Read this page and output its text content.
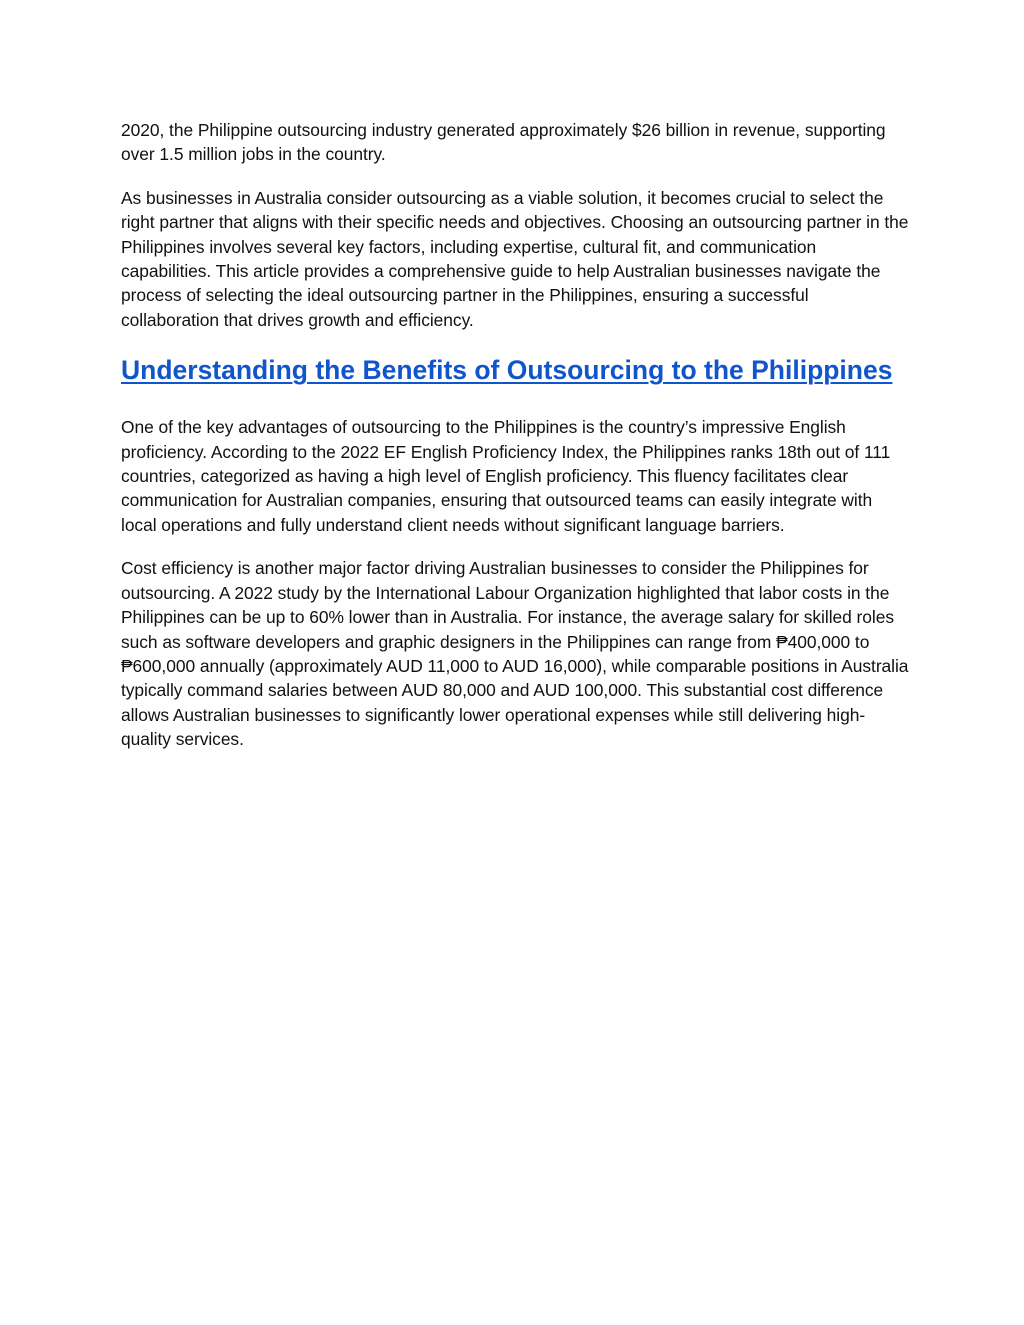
2020, the Philippine outsourcing industry generated approximately $26 billion in revenue, supporting over 1.5 million jobs in the country.

As businesses in Australia consider outsourcing as a viable solution, it becomes crucial to select the right partner that aligns with their specific needs and objectives. Choosing an outsourcing partner in the Philippines involves several key factors, including expertise, cultural fit, and communication capabilities. This article provides a comprehensive guide to help Australian businesses navigate the process of selecting the ideal outsourcing partner in the Philippines, ensuring a successful collaboration that drives growth and efficiency.

Understanding the Benefits of Outsourcing to the Philippines

One of the key advantages of outsourcing to the Philippines is the country’s impressive English proficiency. According to the 2022 EF English Proficiency Index, the Philippines ranks 18th out of 111 countries, categorized as having a high level of English proficiency. This fluency facilitates clear communication for Australian companies, ensuring that outsourced teams can easily integrate with local operations and fully understand client needs without significant language barriers.

Cost efficiency is another major factor driving Australian businesses to consider the Philippines for outsourcing. A 2022 study by the International Labour Organization highlighted that labor costs in the Philippines can be up to 60% lower than in Australia. For instance, the average salary for skilled roles such as software developers and graphic designers in the Philippines can range from ₱400,000 to ₱600,000 annually (approximately AUD 11,000 to AUD 16,000), while comparable positions in Australia typically command salaries between AUD 80,000 and AUD 100,000. This substantial cost difference allows Australian businesses to significantly lower operational expenses while still delivering high-quality services.
